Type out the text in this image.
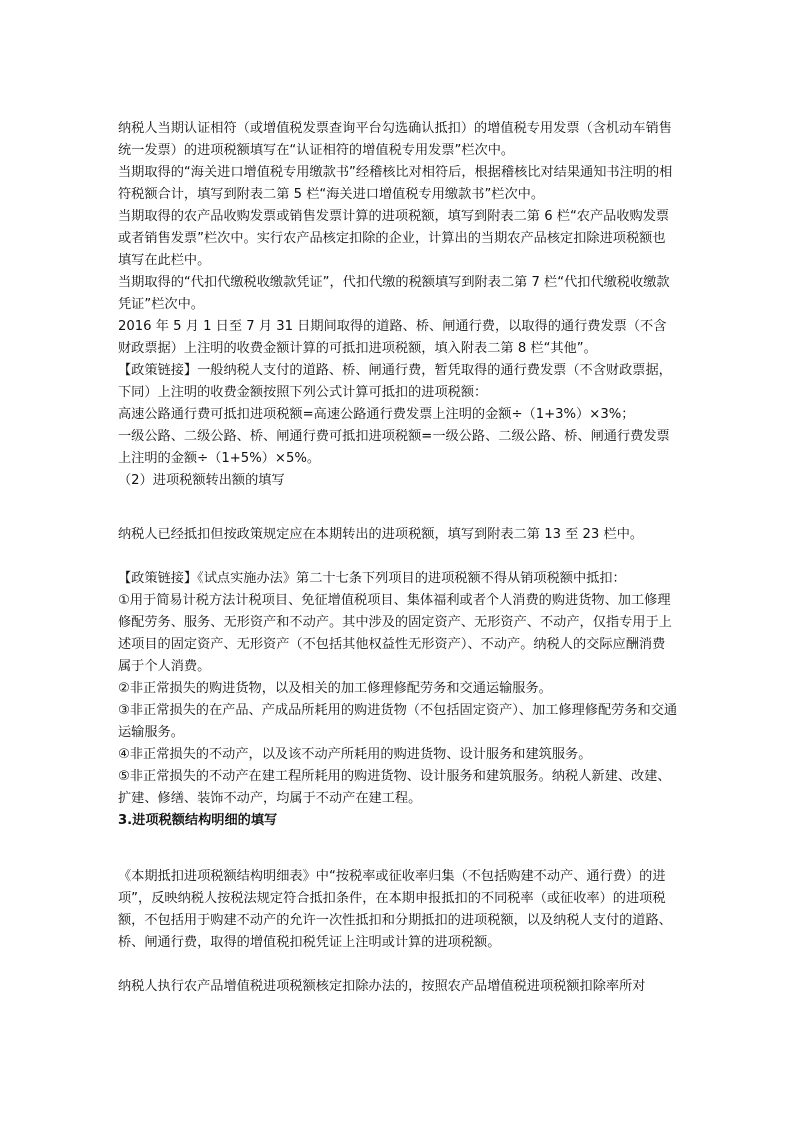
纳税人当期认证相符（或增值税发票查询平台勾选确认抵扣）的增值税专用发票（含机动车销售统一发票）的进项税额填写在“认证相符的增值税专用发票”栏次中。

当期取得的“海关进口增值税专用缴款书”经稽核比对相符后，根据稽核比对结果通知书注明的相符税额合计，填写到附表二第 5 栏“海关进口增值税专用缴款书”栏次中。

当期取得的农产品收购发票或销售发票计算的进项税额，填写到附表二第 6 栏“农产品收购发票或者销售发票”栏次中。实行农产品核定扣除的企业，计算出的当期农产品核定扣除进项税额也填写在此栏中。

当期取得的“代扣代缴税收缴款凭证”，代扣代缴的税额填写到附表二第 7 栏“代扣代缴税收缴款凭证”栏次中。

2016 年 5 月 1 日至 7 月 31 日期间取得的道路、桥、闸通行费，以取得的通行费发票（不含财政票据）上注明的收费金额计算的可抵扣进项税额，填入附表二第 8 栏“其他”。

【政策链接】一般纳税人支付的道路、桥、闸通行费，暂凭取得的通行费发票（不含财政票据，下同）上注明的收费金额按照下列公式计算可抵扣的进项税额：

高速公路通行费可抵扣进项税额=高速公路通行费发票上注明的金额÷（1+3%）×3%；

一级公路、二级公路、桥、闸通行费可抵扣进项税额=一级公路、二级公路、桥、闸通行费发票上注明的金额÷（1+5%）×5%。

（2）进项税额转出额的填写

纳税人已经抵扣但按政策规定应在本期转出的进项税额，填写到附表二第 13 至 23 栏中。

【政策链接】《试点实施办法》第二十七条下列项目的进项税额不得从销项税额中抵扣：

①用于简易计税方法计税项目、免征增值税项目、集体福利或者个人消费的购进货物、加工修理修配劳务、服务、无形资产和不动产。其中涉及的固定资产、无形资产、不动产，仅指专用于上述项目的固定资产、无形资产（不包括其他权益性无形资产）、不动产。纳税人的交际应酬消费属于个人消费。

②非正常损失的购进货物，以及相关的加工修理修配劳务和交通运输服务。

③非正常损失的在产品、产成品所耗用的购进货物（不包括固定资产）、加工修理修配劳务和交通运输服务。

④非正常损失的不动产，以及该不动产所耗用的购进货物、设计服务和建筑服务。

⑤非正常损失的不动产在建工程所耗用的购进货物、设计服务和建筑服务。纳税人新建、改建、扩建、修缮、装饰不动产，均属于不动产在建工程。

3.进项税额结构明细的填写

《本期抵扣进项税额结构明细表》中“按税率或征收率归集（不包括购建不动产、通行费）的进项”，反映纳税人按税法规定符合抵扣条件，在本期申报抵扣的不同税率（或征收率）的进项税额，不包括用于购建不动产的允许一次性抵扣和分期抵扣的进项税额，以及纳税人支付的道路、桥、闸通行费，取得的增值税扣税凭证上注明或计算的进项税额。

纳税人执行农产品增值税进项税额核定扣除办法的，按照农产品增值税进项税额扣除率所对
